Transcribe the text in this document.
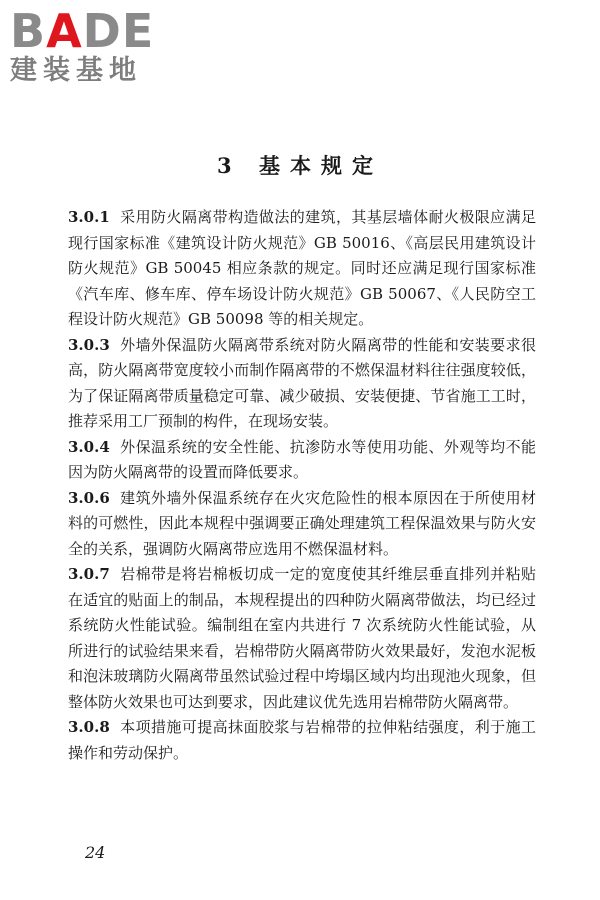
BADE
建装基地
3 基本规定

3.0.1 采用防火隔离带构造做法的建筑，其基层墙体耐火极限应满足现行国家标准《建筑设计防火规范》GB 50016、《高层民用建筑设计防火规范》GB 50045 相应条款的规定。同时还应满足现行国家标准《汽车库、修车库、停车场设计防火规范》GB 50067、《人民防空工程设计防火规范》GB 50098 等的相关规定。

3.0.3 外墙外保温防火隔离带系统对防火隔离带的性能和安装要求很高，防火隔离带宽度较小而制作隔离带的不燃保温材料往往强度较低，为了保证隔离带质量稳定可靠、减少破损、安装便捷、节省施工工时，推荐采用工厂预制的构件，在现场安装。

3.0.4 外保温系统的安全性能、抗渗防水等使用功能、外观等均不能因为防火隔离带的设置而降低要求。

3.0.6 建筑外墙外保温系统存在火灾危险性的根本原因在于所使用材料的可燃性，因此本规程中强调要正确处理建筑工程保温效果与防火安全的关系，强调防火隔离带应选用不燃保温材料。

3.0.7 岩棉带是将岩棉板切成一定的宽度使其纤维层垂直排列并粘贴在适宜的贴面上的制品，本规程提出的四种防火隔离带做法，均已经过系统防火性能试验。编制组在室内共进行 7 次系统防火性能试验，从所进行的试验结果来看，岩棉带防火隔离带防火效果最好，发泡水泥板和泡沫玻璃防火隔离带虽然试验过程中垮塌区域内均出现池火现象，但整体防火效果也可达到要求，因此建议优先选用岩棉带防火隔离带。

3.0.8 本项措施可提高抹面胶浆与岩棉带的拉伸粘结强度，利于施工操作和劳动保护。

24
